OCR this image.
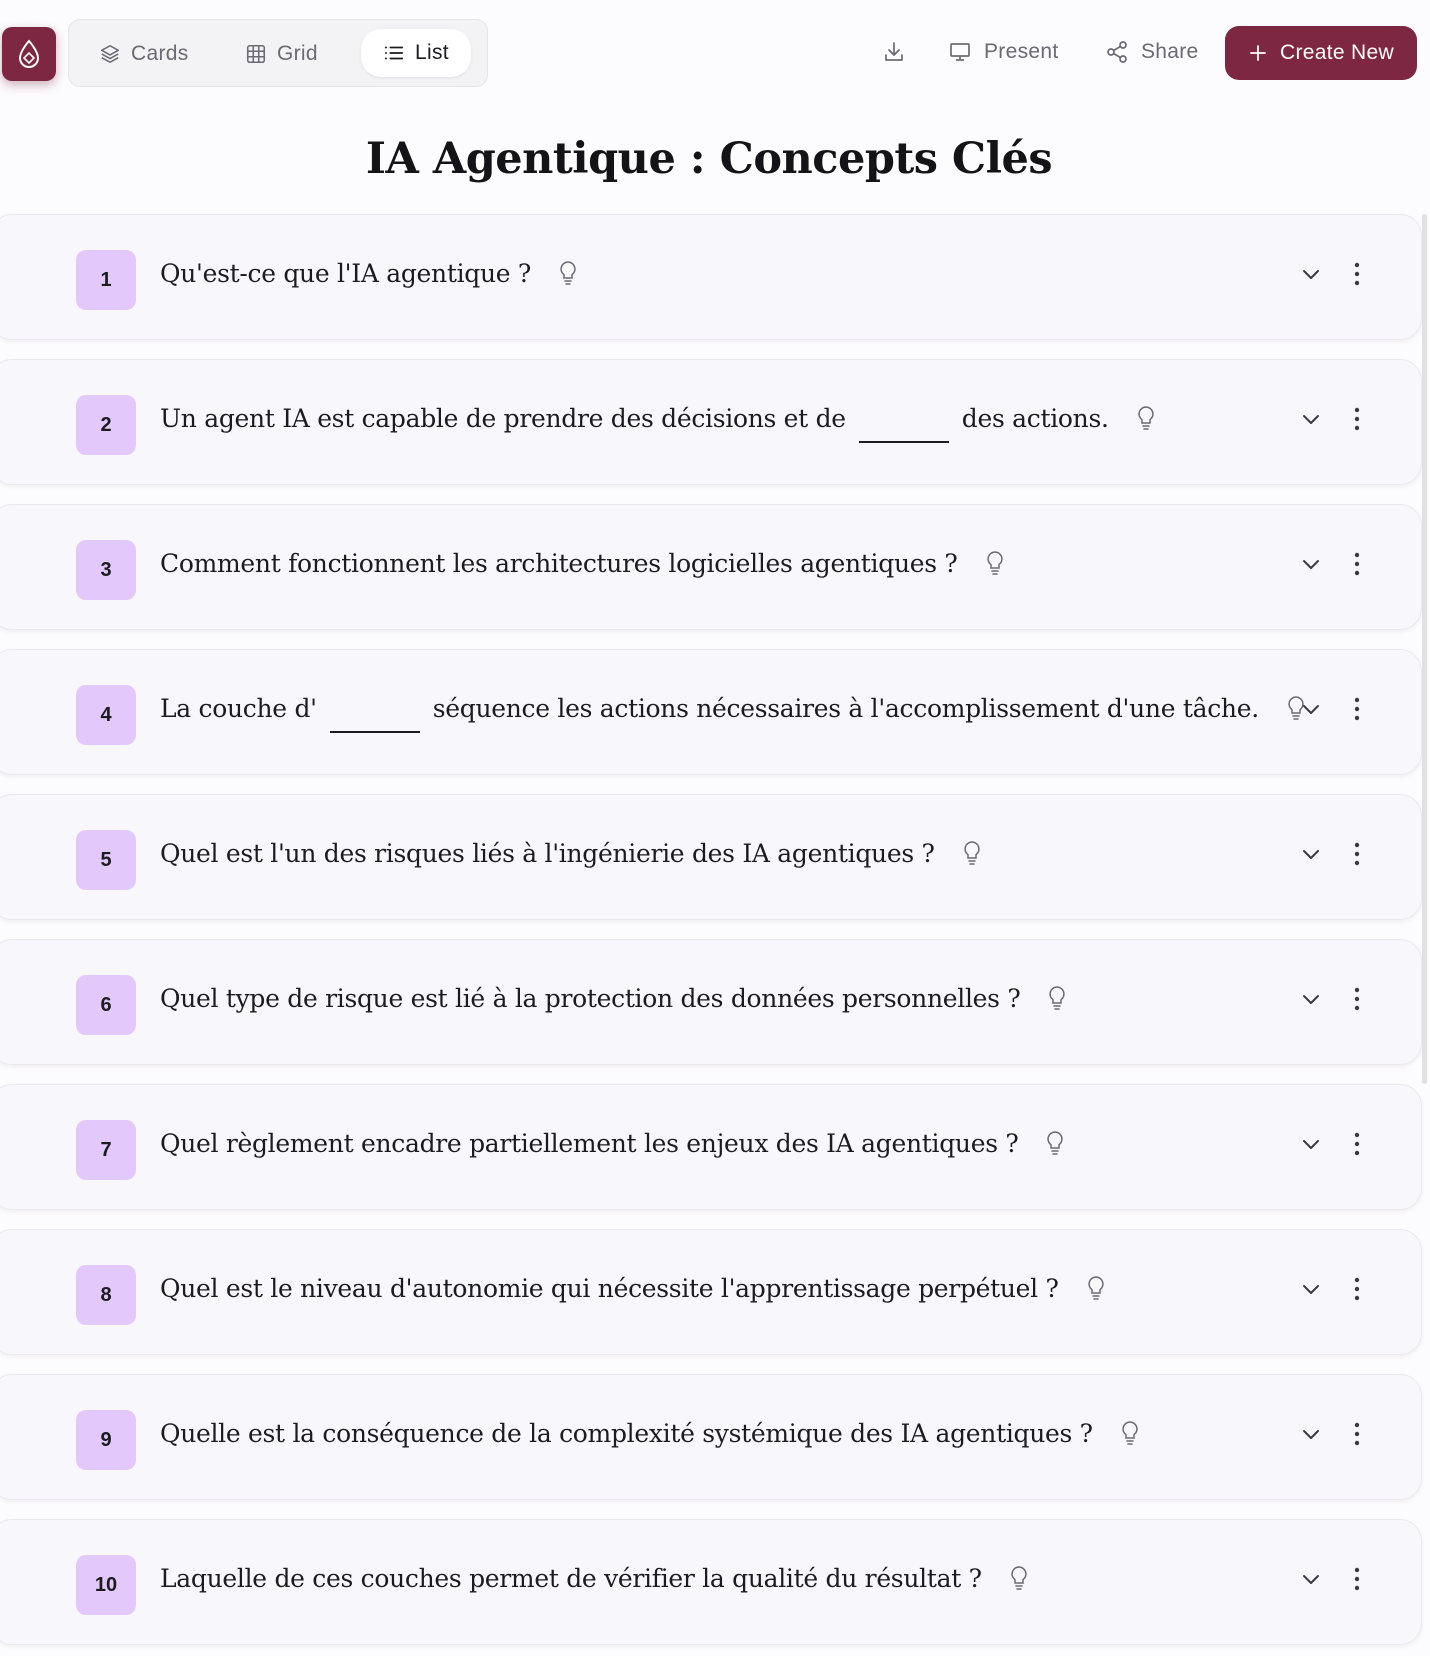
Cards	Grid	List	Present	Share	Create New
IA Agentique : Concepts Clés
1	Qu'est-ce que l'IA agentique ?
2	Un agent IA est capable de prendre des décisions et de	des actions.
3	Comment fonctionnent les architectures logicielles agentiques ?
4	La couche d'	séquence les actions nécessaires à l'accomplissement d'une tâche.
5	Quel est l'un des risques liés à l'ingénierie des IA agentiques ?
6	Quel type de risque est lié à la protection des données personnelles ?
7	Quel règlement encadre partiellement les enjeux des IA agentiques ?
8	Quel est le niveau d'autonomie qui nécessite l'apprentissage perpétuel ?
9	Quelle est la conséquence de la complexité systémique des IA agentiques ?
10	Laquelle de ces couches permet de vérifier la qualité du résultat ?
